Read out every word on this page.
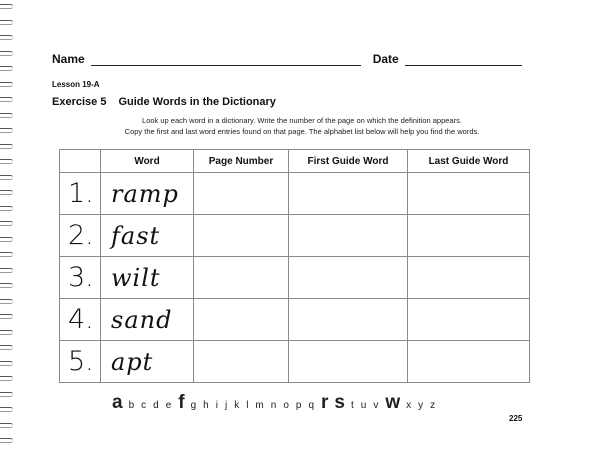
Name	Date
Lesson 19-A
Exercise 5 Guide Words in the Dictionary
Look up each word in a dictionary. Write the number of the page on which the definition appears.
Copy the first and last word entries found on that page. The alphabet list below will help you find the words.
	Word	Page Number	First Guide Word	Last Guide Word
1.	ramp			
2.	fast			
3.	wilt			
4.	sand			
5.	apt			
a b c d e f g h i j k l m n o p q r s t u v w x y z
225
